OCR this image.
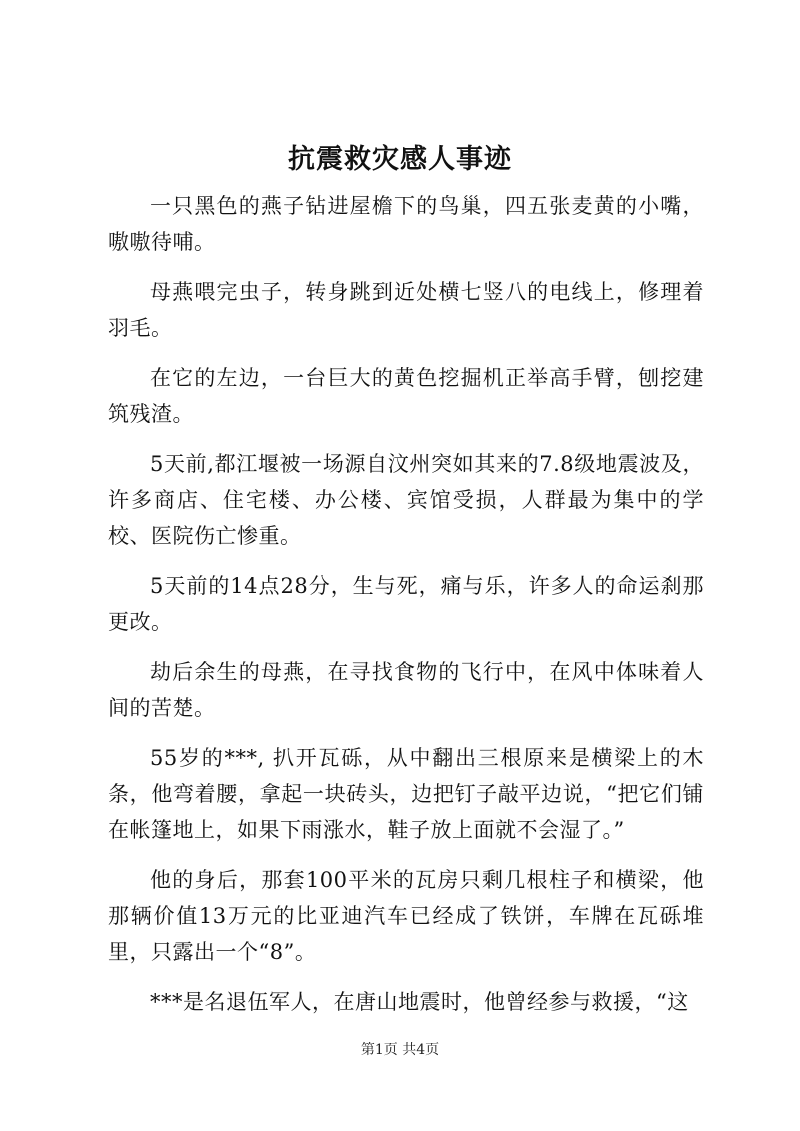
抗震救灾感人事迹

一只黑色的燕子钻进屋檐下的鸟巢，四五张麦黄的小嘴，嗷嗷待哺。

母燕喂完虫子，转身跳到近处横七竖八的电线上，修理着羽毛。

在它的左边，一台巨大的黄色挖掘机正举高手臂，刨挖建筑残渣。

5天前,都江堰被一场源自汶州突如其来的7.8级地震波及，许多商店、住宅楼、办公楼、宾馆受损，人群最为集中的学校、医院伤亡惨重。

5天前的14点28分，生与死，痛与乐，许多人的命运刹那更改。

劫后余生的母燕，在寻找食物的飞行中，在风中体味着人间的苦楚。

55岁的***, 扒开瓦砾，从中翻出三根原来是横梁上的木条，他弯着腰，拿起一块砖头，边把钉子敲平边说，“把它们铺在帐篷地上，如果下雨涨水，鞋子放上面就不会湿了。”

他的身后，那套100平米的瓦房只剩几根柱子和横梁，他那辆价值13万元的比亚迪汽车已经成了铁饼，车牌在瓦砾堆里，只露出一个“8”。

***是名退伍军人，在唐山地震时，他曾经参与救援，“这

第1页 共4页
